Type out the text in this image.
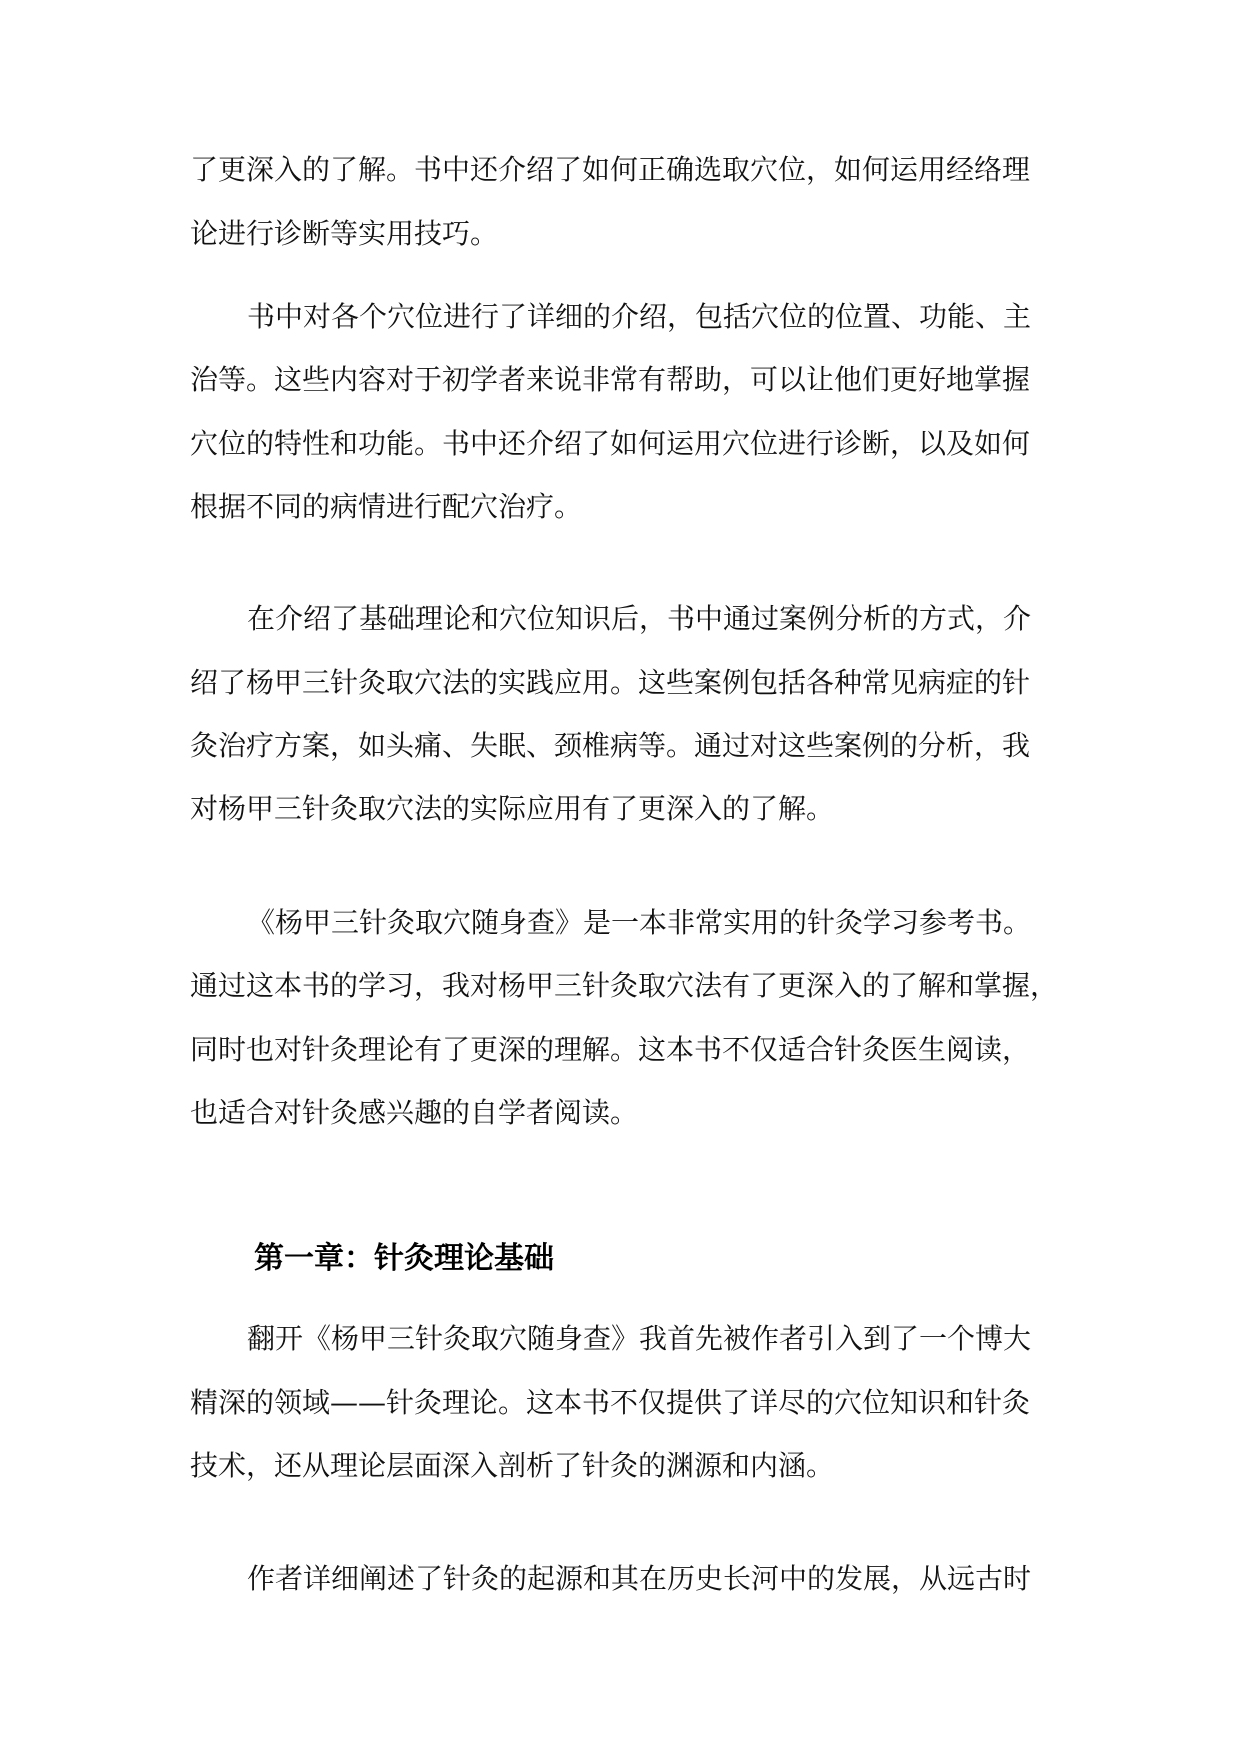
了更深入的了解。书中还介绍了如何正确选取穴位，如何运用经络理
论进行诊断等实用技巧。
书中对各个穴位进行了详细的介绍，包括穴位的位置、功能、主
治等。这些内容对于初学者来说非常有帮助，可以让他们更好地掌握
穴位的特性和功能。书中还介绍了如何运用穴位进行诊断，以及如何
根据不同的病情进行配穴治疗。
在介绍了基础理论和穴位知识后，书中通过案例分析的方式，介
绍了杨甲三针灸取穴法的实践应用。这些案例包括各种常见病症的针
灸治疗方案，如头痛、失眠、颈椎病等。通过对这些案例的分析，我
对杨甲三针灸取穴法的实际应用有了更深入的了解。
《杨甲三针灸取穴随身查》是一本非常实用的针灸学习参考书。
通过这本书的学习，我对杨甲三针灸取穴法有了更深入的了解和掌握，
同时也对针灸理论有了更深的理解。这本书不仅适合针灸医生阅读，
也适合对针灸感兴趣的自学者阅读。
第一章：针灸理论基础
翻开《杨甲三针灸取穴随身查》我首先被作者引入到了一个博大
精深的领域——针灸理论。这本书不仅提供了详尽的穴位知识和针灸
技术，还从理论层面深入剖析了针灸的渊源和内涵。
作者详细阐述了针灸的起源和其在历史长河中的发展，从远古时
